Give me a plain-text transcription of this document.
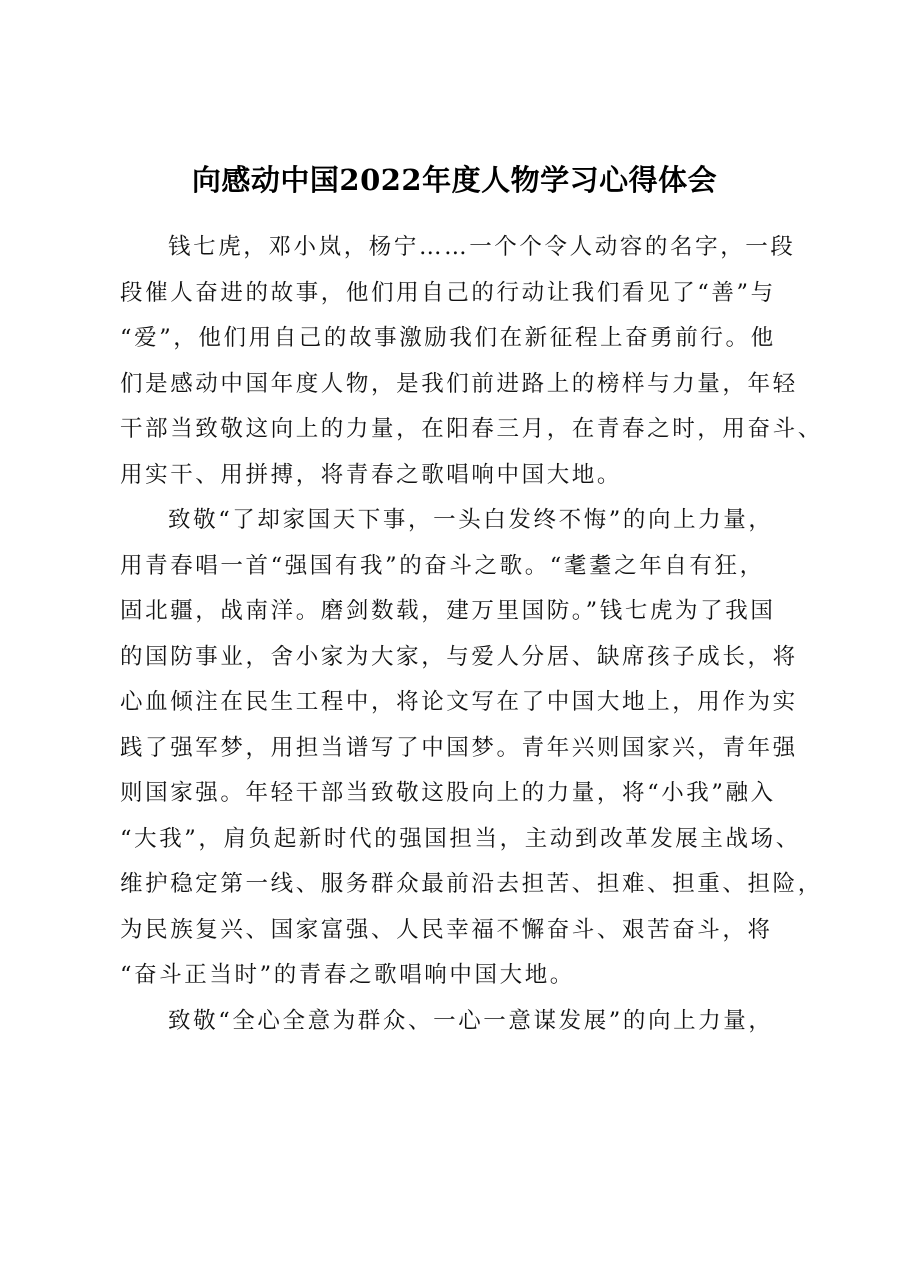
向感动中国2022年度人物学习心得体会
钱七虎，邓小岚，杨宁……一个个令人动容的名字，一段
段催人奋进的故事，他们用自己的行动让我们看见了“善”与
“爱”，他们用自己的故事激励我们在新征程上奋勇前行。他
们是感动中国年度人物，是我们前进路上的榜样与力量，年轻
干部当致敬这向上的力量，在阳春三月，在青春之时，用奋斗、
用实干、用拼搏，将青春之歌唱响中国大地。
致敬“了却家国天下事，一头白发终不悔”的向上力量，
用青春唱一首“强国有我”的奋斗之歌。“耄耋之年自有狂，
固北疆，战南洋。磨剑数载，建万里国防。”钱七虎为了我国
的国防事业，舍小家为大家，与爱人分居、缺席孩子成长，将
心血倾注在民生工程中，将论文写在了中国大地上，用作为实
践了强军梦，用担当谱写了中国梦。青年兴则国家兴，青年强
则国家强。年轻干部当致敬这股向上的力量，将“小我”融入
“大我”，肩负起新时代的强国担当，主动到改革发展主战场、
维护稳定第一线、服务群众最前沿去担苦、担难、担重、担险，
为民族复兴、国家富强、人民幸福不懈奋斗、艰苦奋斗，将
“奋斗正当时”的青春之歌唱响中国大地。
致敬“全心全意为群众、一心一意谋发展”的向上力量，
